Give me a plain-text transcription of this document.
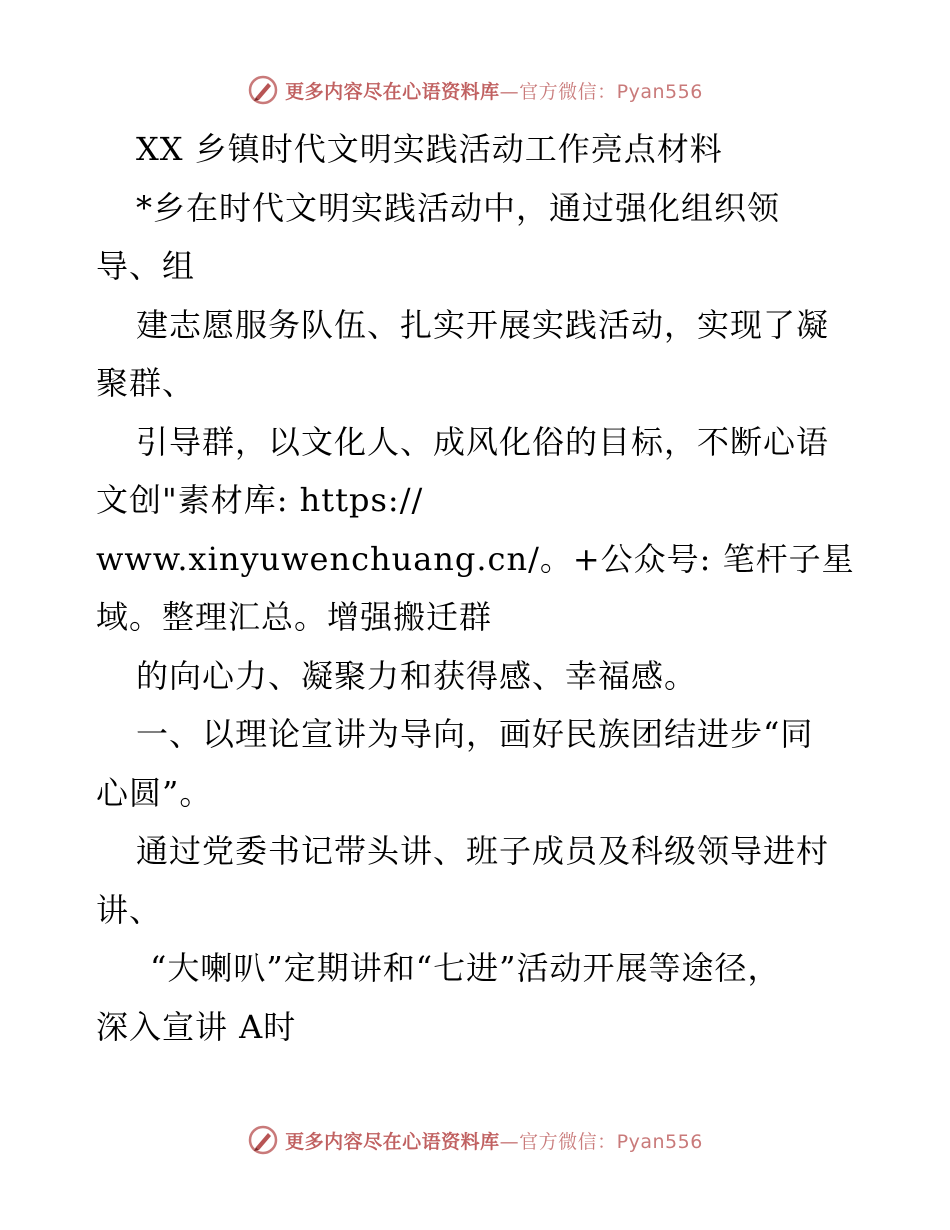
更多内容尽在心语资料库—官方微信：Pyan556
XX 乡镇时代文明实践活动工作亮点材料
*乡在时代文明实践活动中，通过强化组织领
导、组
建志愿服务队伍、扎实开展实践活动，实现了凝
聚群、
引导群，以文化人、成风化俗的目标，不断心语
文创"素材库: https://
www.xinyuwenchuang.cn/。+公众号: 笔杆子星
域。整理汇总。增强搬迁群
的向心力、凝聚力和获得感、幸福感。
一、以理论宣讲为导向，画好民族团结进步“同
心圆”。
通过党委书记带头讲、班子成员及科级领导进村
讲、
“大喇叭”定期讲和“七进”活动开展等途径，
深入宣讲 A时
更多内容尽在心语资料库—官方微信：Pyan556
